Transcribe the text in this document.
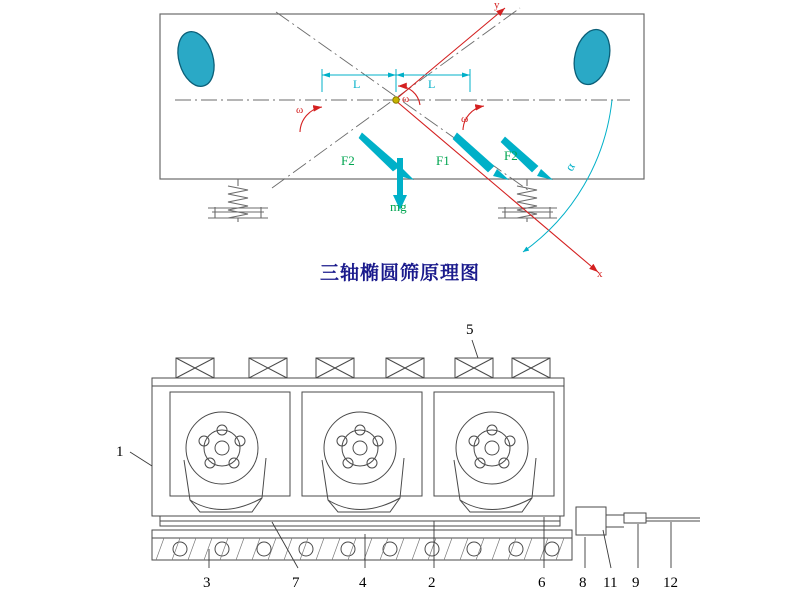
L	L
ω
ω
ω
F2	F1	F2
mg
y
x
α
三轴椭圆筛原理图
5
1
3	7	4	2	6 8 11 9 12
